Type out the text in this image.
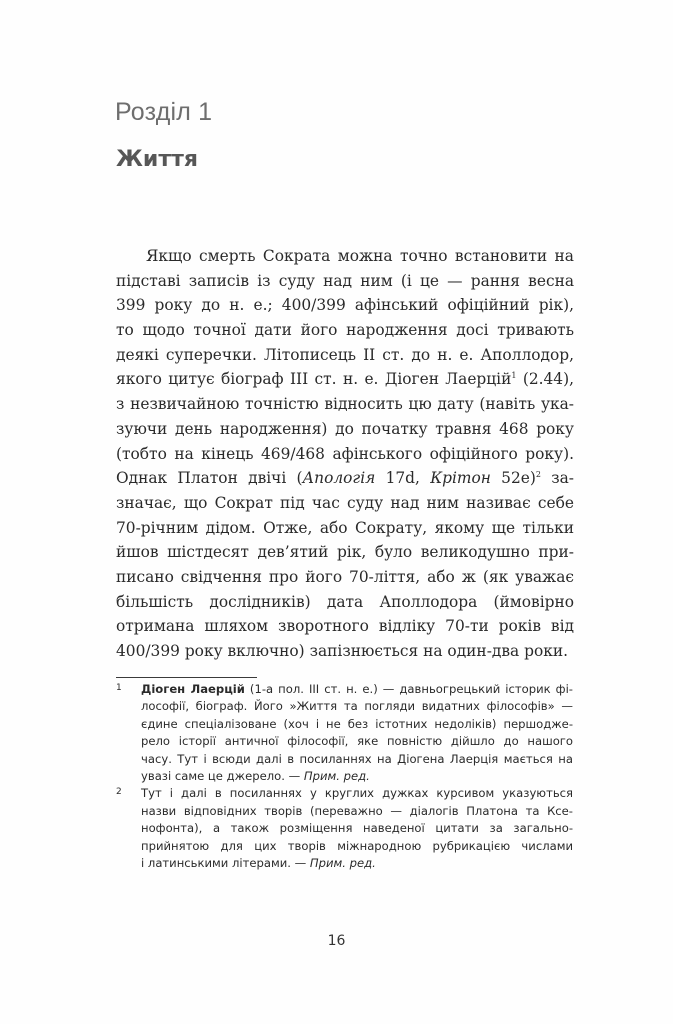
Розділ 1
Життя
Якщо смерть Сократа можна точно встановити на
підставі записів із суду над ним (і це — рання весна
399 року до н. е.; 400/399 афінський офіційний рік),
то щодо точної дати його народження досі тривають
деякі суперечки. Літописець II ст. до н. е. Аполлодор,
якого цитує біограф III ст. н. е. Діоген Лаерцій$^1$ (2.44),
з незвичайною точністю відносить цю дату (навіть ука-
зуючи день народження) до початку травня 468 року
(тобто на кінець 469/468 афінського офіційного року).
Однак Платон двічі (Апологія 17d, Крітон 52e)$^2$ за-
значає, що Сократ під час суду над ним називає себе
70-річним дідом. Отже, або Сократу, якому ще тільки
йшов шістдесят дев’ятий рік, було великодушно при-
писано свідчення про його 70-ліття, або ж (як уважає
більшість дослідників) дата Аполлодора (ймовірно
отримана шляхом зворотного відліку 70-ти років від
400/399 року включно) запізнюється на один-два роки.
1 Діоген Лаерцій (1-а пол. III ст. н. е.) — давньогрецький історик фі-
лософії, біограф. Його »Життя та погляди видатних філософів» —
єдине спеціалізоване (хоч і не без істотних недоліків) першодже-
рело історії античної філософії, яке повністю дійшло до нашого
часу. Тут і всюди далі в посиланнях на Діогена Лаерція мається на
увазі саме це джерело. — Прим. ред.
2 Тут і далі в посиланнях у круглих дужках курсивом указуються
назви відповідних творів (переважно — діалогів Платона та Ксе-
нофонта), а також розміщення наведеної цитати за загально-
прийнятою для цих творів міжнародною рубрикацією числами
і латинськими літерами. — Прим. ред.
16
